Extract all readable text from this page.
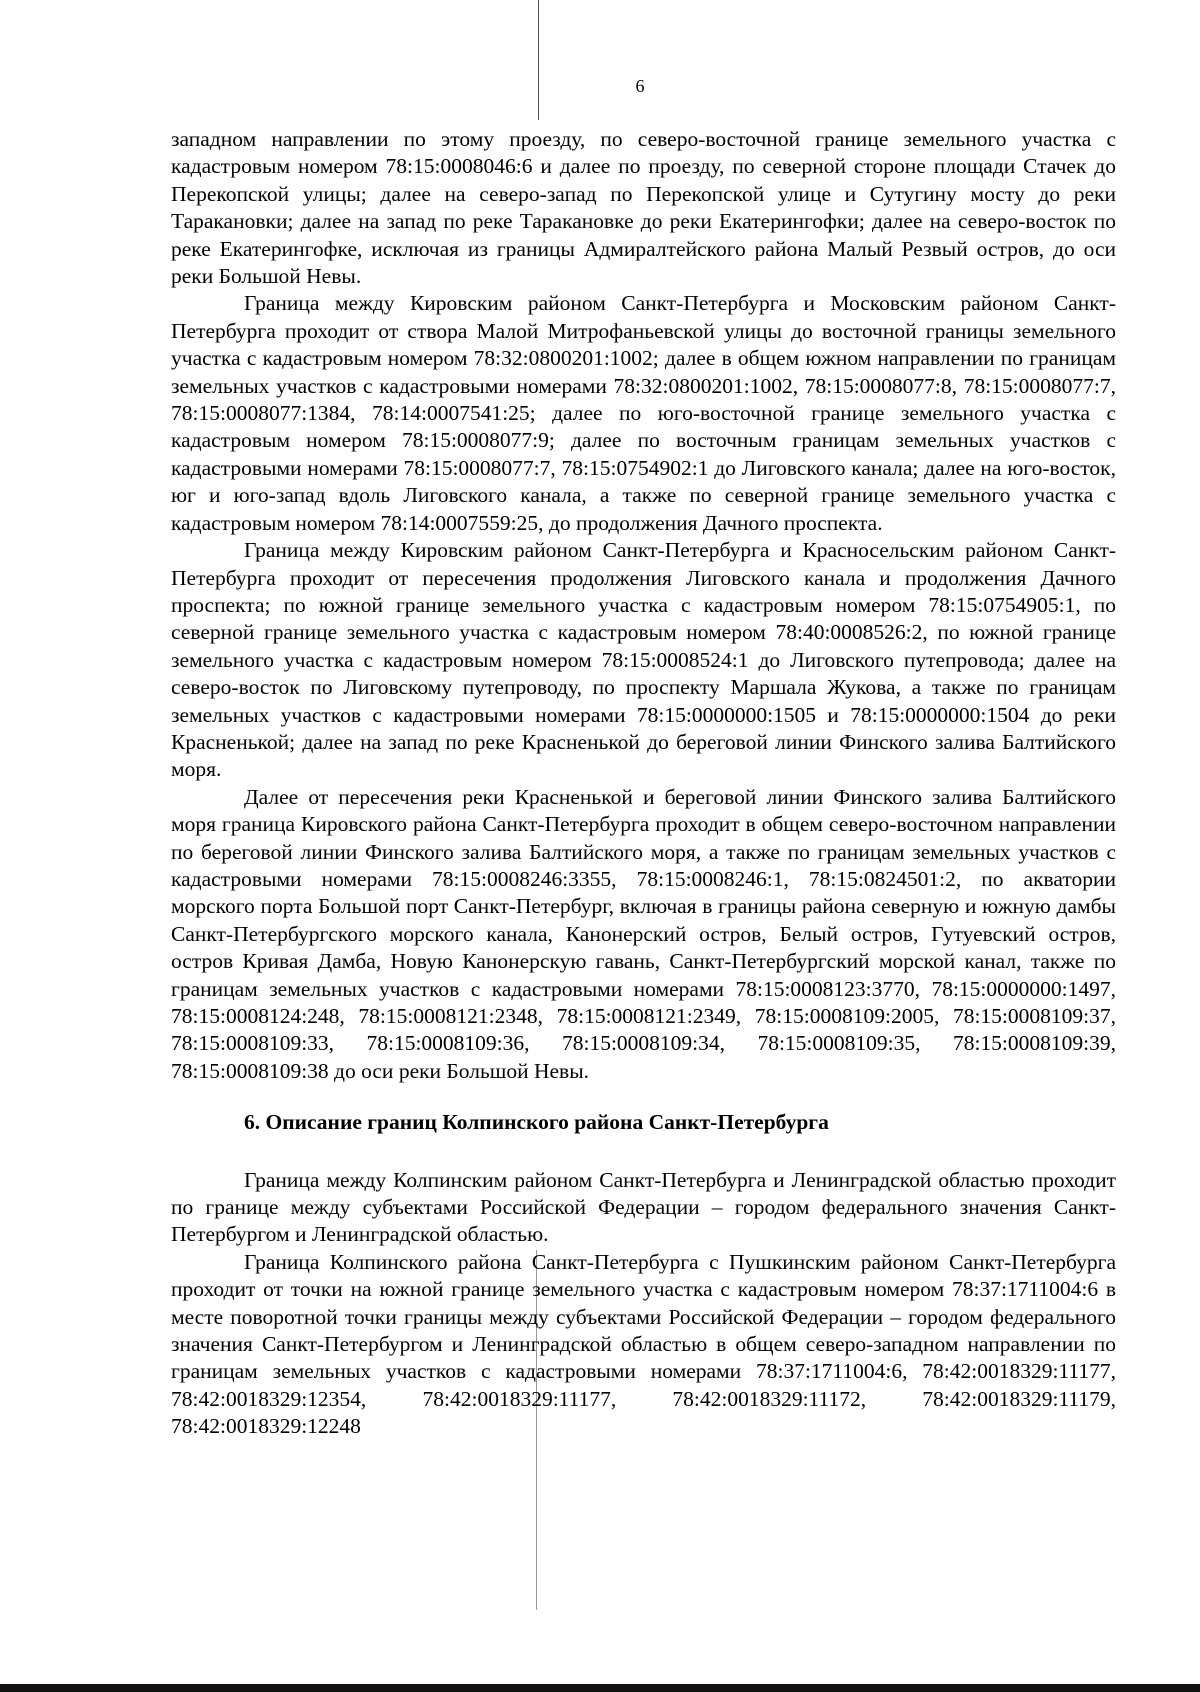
6

западном направлении по этому проезду, по северо-восточной границе земельного участка с кадастровым номером 78:15:0008046:6 и далее по проезду, по северной стороне площади Стачек до Перекопской улицы; далее на северо-запад по Перекопской улице и Сутугину мосту до реки Таракановки; далее на запад по реке Таракановке до реки Екатерингофки; далее на северо-восток по реке Екатерингофке, исключая из границы Адмиралтейского района Малый Резвый остров, до оси реки Большой Невы.

Граница между Кировским районом Санкт-Петербурга и Московским районом Санкт-Петербурга проходит от створа Малой Митрофаньевской улицы до восточной границы земельного участка с кадастровым номером 78:32:0800201:1002; далее в общем южном направлении по границам земельных участков с кадастровыми номерами 78:32:0800201:1002, 78:15:0008077:8, 78:15:0008077:7, 78:15:0008077:1384, 78:14:0007541:25; далее по юго-восточной границе земельного участка с кадастровым номером 78:15:0008077:9; далее по восточным границам земельных участков с кадастровыми номерами 78:15:0008077:7, 78:15:0754902:1 до Лиговского канала; далее на юго-восток, юг и юго-запад вдоль Лиговского канала, а также по северной границе земельного участка с кадастровым номером 78:14:0007559:25, до продолжения Дачного проспекта.

Граница между Кировским районом Санкт-Петербурга и Красносельским районом Санкт-Петербурга проходит от пересечения продолжения Лиговского канала и продолжения Дачного проспекта; по южной границе земельного участка с кадастровым номером 78:15:0754905:1, по северной границе земельного участка с кадастровым номером 78:40:0008526:2, по южной границе земельного участка с кадастровым номером 78:15:0008524:1 до Лиговского путепровода; далее на северо-восток по Лиговскому путепроводу, по проспекту Маршала Жукова, а также по границам земельных участков с кадастровыми номерами 78:15:0000000:1505 и 78:15:0000000:1504 до реки Красненькой; далее на запад по реке Красненькой до береговой линии Финского залива Балтийского моря.

Далее от пересечения реки Красненькой и береговой линии Финского залива Балтийского моря граница Кировского района Санкт-Петербурга проходит в общем северо-восточном направлении по береговой линии Финского залива Балтийского моря, а также по границам земельных участков с кадастровыми номерами 78:15:0008246:3355, 78:15:0008246:1, 78:15:0824501:2, по акватории морского порта Большой порт Санкт-Петербург, включая в границы района северную и южную дамбы Санкт-Петербургского морского канала, Канонерский остров, Белый остров, Гутуевский остров, остров Кривая Дамба, Новую Канонерскую гавань, Санкт-Петербургский морской канал, также по границам земельных участков с кадастровыми номерами 78:15:0008123:3770, 78:15:0000000:1497, 78:15:0008124:248, 78:15:0008121:2348, 78:15:0008121:2349, 78:15:0008109:2005, 78:15:0008109:37, 78:15:0008109:33, 78:15:0008109:36, 78:15:0008109:34, 78:15:0008109:35, 78:15:0008109:39, 78:15:0008109:38 до оси реки Большой Невы.

6. Описание границ Колпинского района Санкт-Петербурга

Граница между Колпинским районом Санкт-Петербурга и Ленинградской областью проходит по границе между субъектами Российской Федерации – городом федерального значения Санкт-Петербургом и Ленинградской областью.

Граница Колпинского района Санкт-Петербурга с Пушкинским районом Санкт-Петербурга проходит от точки на южной границе земельного участка с кадастровым номером 78:37:1711004:6 в месте поворотной точки границы между субъектами Российской Федерации – городом федерального значения Санкт-Петербургом и Ленинградской областью в общем северо-западном направлении по границам земельных участков с кадастровыми номерами 78:37:1711004:6, 78:42:0018329:11177, 78:42:0018329:12354, 78:42:0018329:11177, 78:42:0018329:11172, 78:42:0018329:11179, 78:42:0018329:12248
